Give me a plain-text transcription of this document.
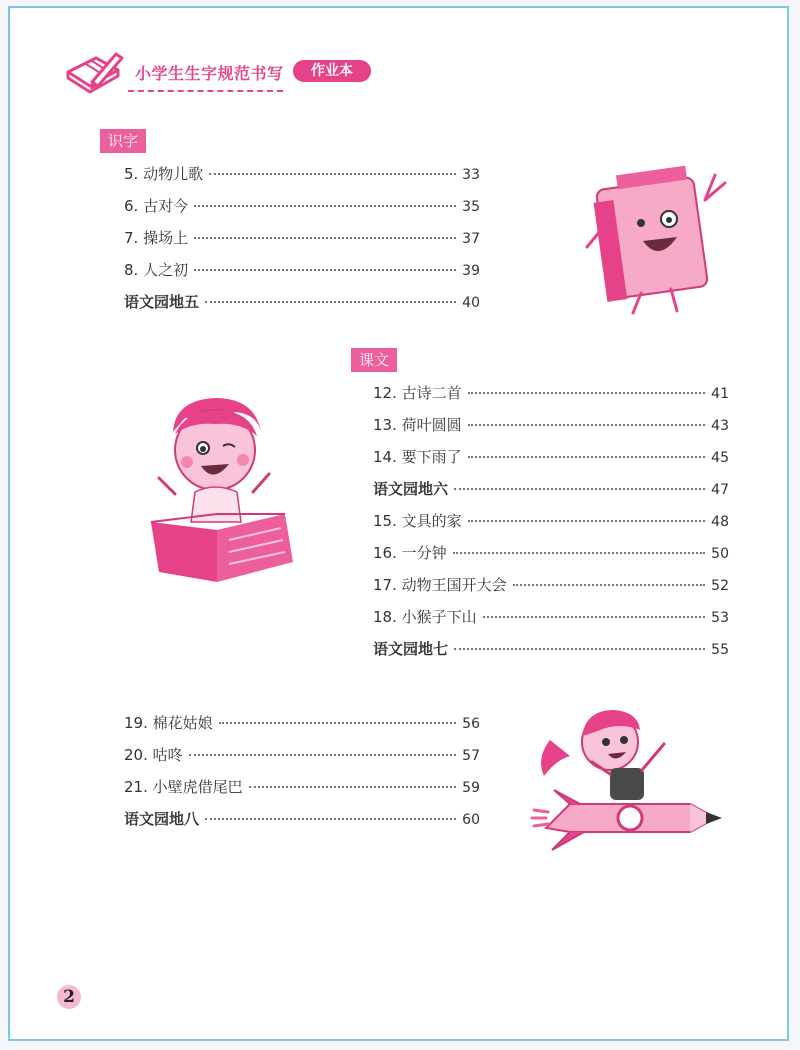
小学生生字规范书写	作业本
识字
5. 动物儿歌	33
6. 古对今	35
7. 操场上	37
8. 人之初	39
语文园地五	40
课文
12. 古诗二首	41
13. 荷叶圆圆	43
14. 要下雨了	45
语文园地六	47
15. 文具的家	48
16. 一分钟	50
17. 动物王国开大会	52
18. 小猴子下山	53
语文园地七	55
19. 棉花姑娘	56
20. 咕咚	57
21. 小壁虎借尾巴	59
语文园地八	60
2
